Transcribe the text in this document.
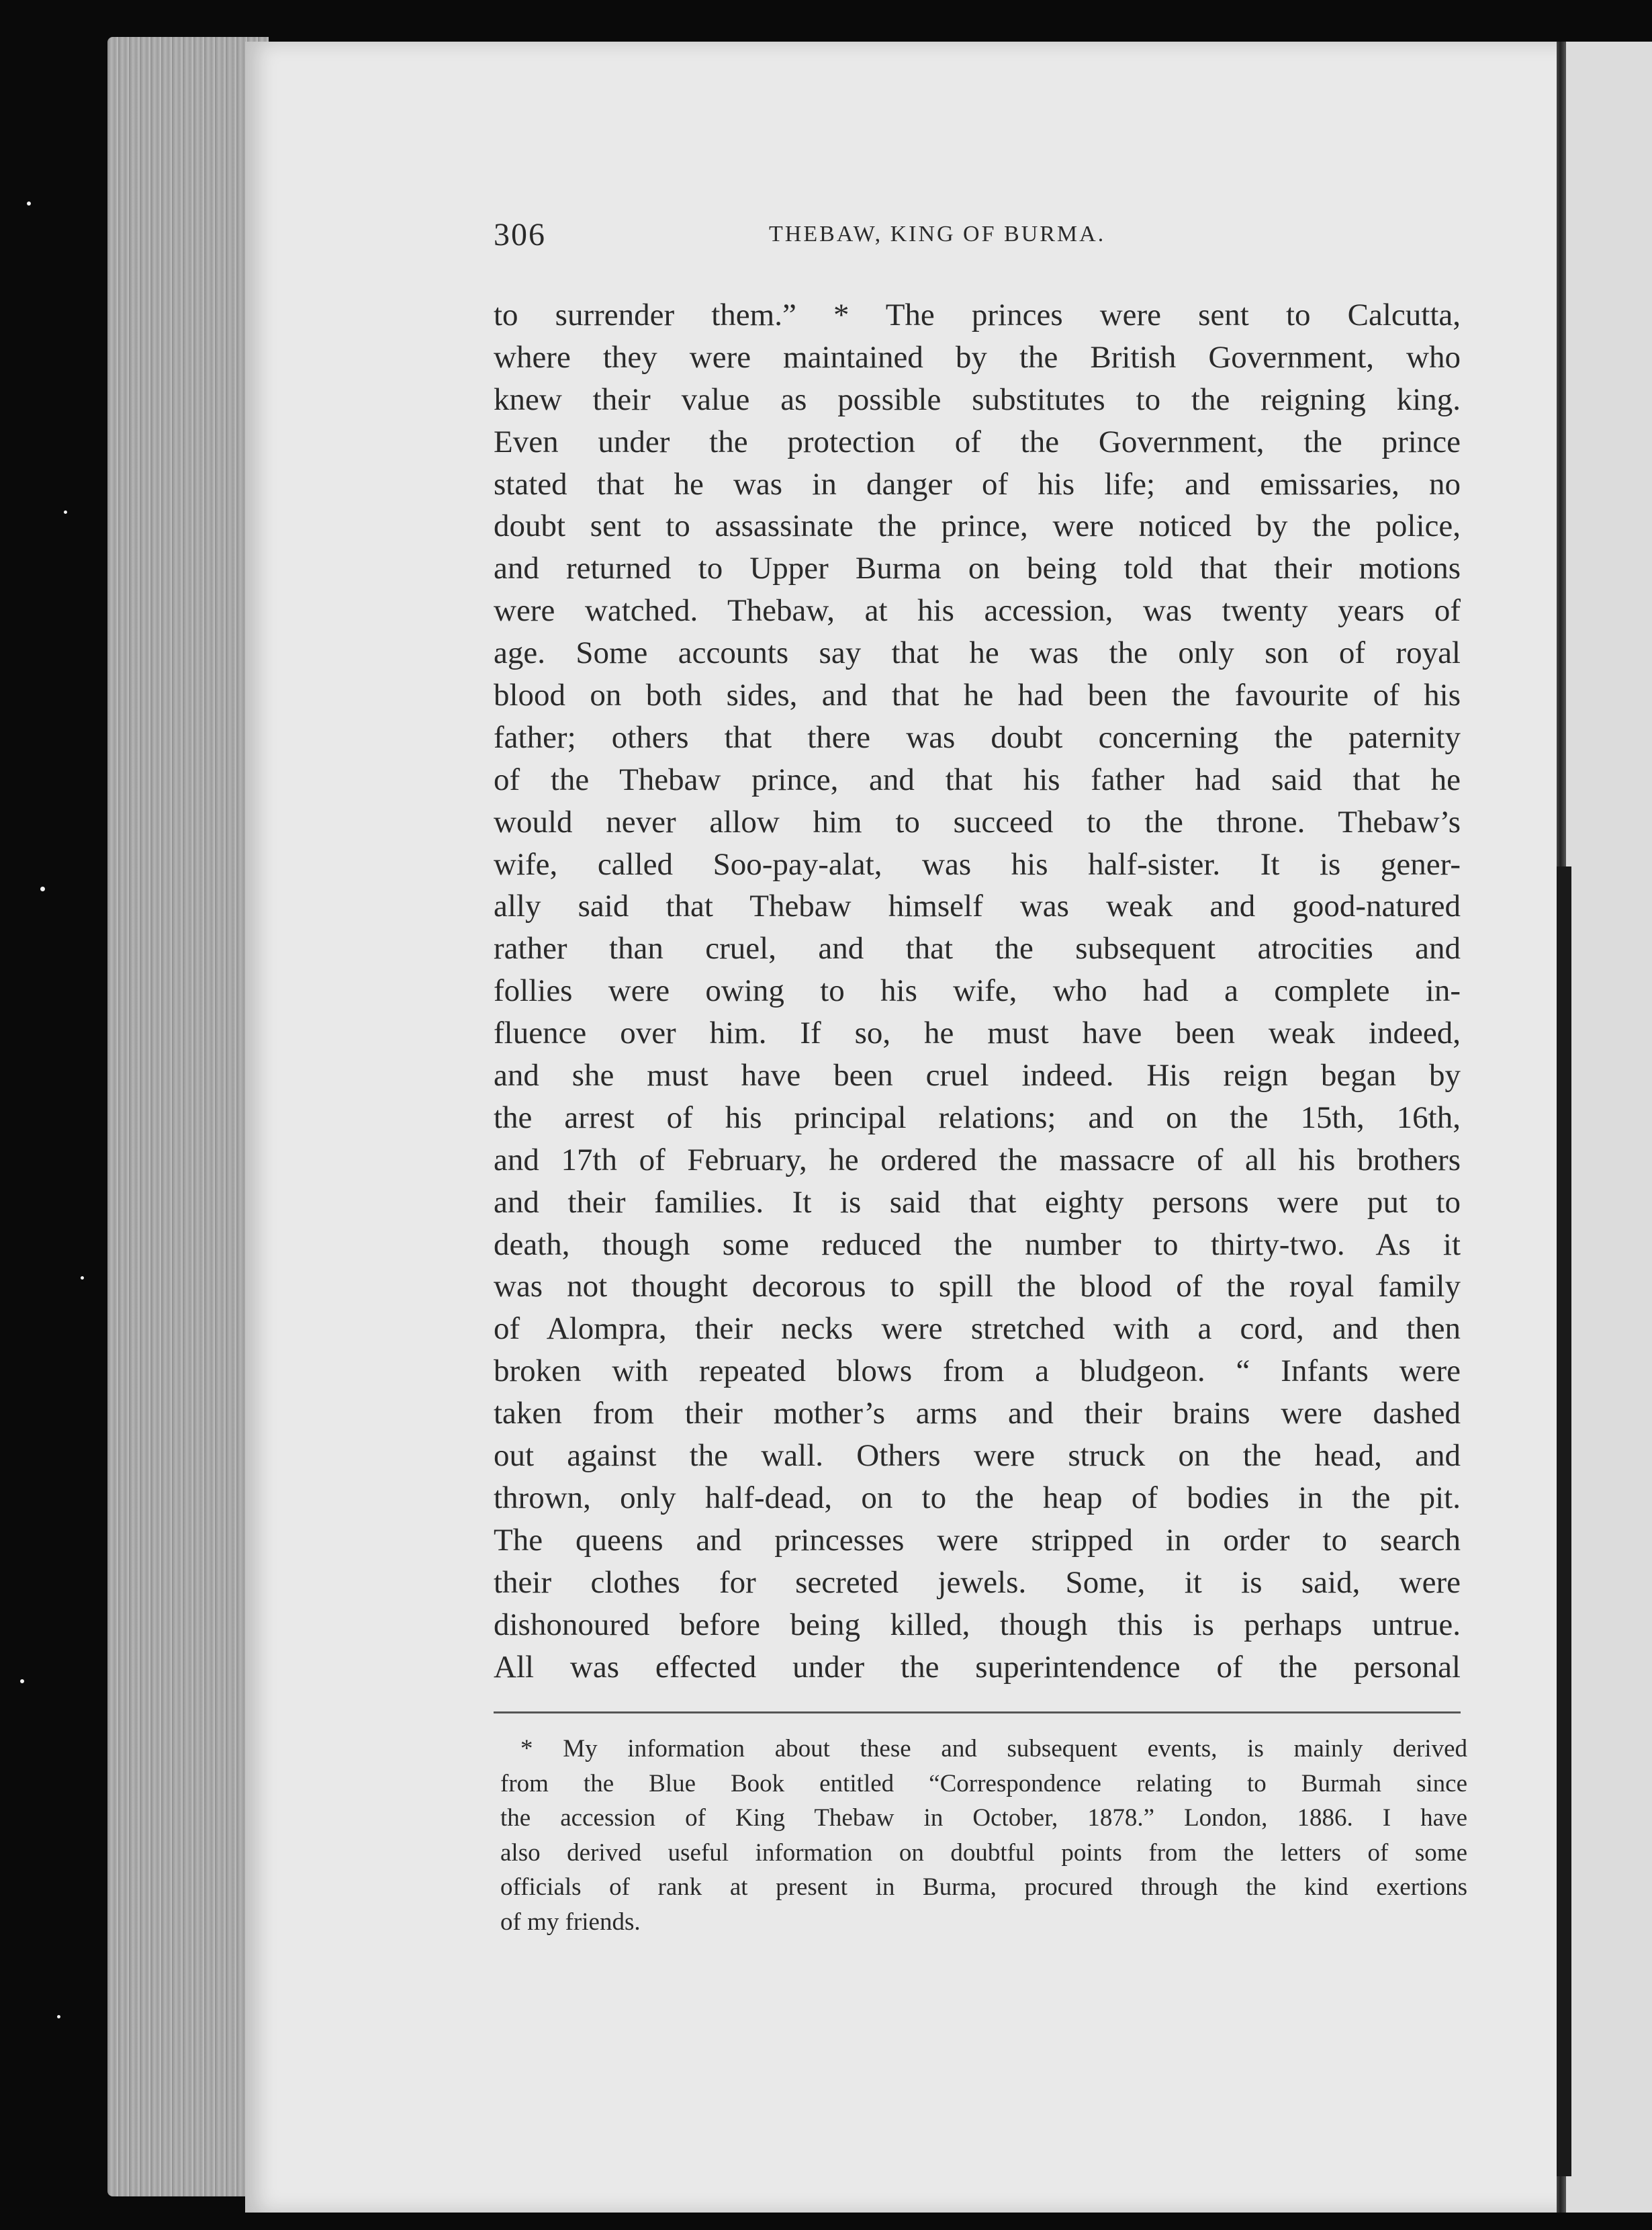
306	THEBAW, KING OF BURMA.
to surrender them.” * The princes were sent to Calcutta,
where they were maintained by the British Government, who
knew their value as possible substitutes to the reigning king.
Even under the protection of the Government, the prince
stated that he was in danger of his life; and emissaries, no
doubt sent to assassinate the prince, were noticed by the police,
and returned to Upper Burma on being told that their motions
were watched. Thebaw, at his accession, was twenty years of
age. Some accounts say that he was the only son of royal
blood on both sides, and that he had been the favourite of his
father; others that there was doubt concerning the paternity
of the Thebaw prince, and that his father had said that he
would never allow him to succeed to the throne. Thebaw’s
wife, called Soo-pay-alat, was his half-sister. It is gener-
ally said that Thebaw himself was weak and good-natured
rather than cruel, and that the subsequent atrocities and
follies were owing to his wife, who had a complete in-
fluence over him. If so, he must have been weak indeed,
and she must have been cruel indeed. His reign began by
the arrest of his principal relations; and on the 15th, 16th,
and 17th of February, he ordered the massacre of all his brothers
and their families. It is said that eighty persons were put to
death, though some reduced the number to thirty-two. As it
was not thought decorous to spill the blood of the royal family
of Alompra, their necks were stretched with a cord, and then
broken with repeated blows from a bludgeon. “ Infants were
taken from their mother’s arms and their brains were dashed
out against the wall. Others were struck on the head, and
thrown, only half-dead, on to the heap of bodies in the pit.
The queens and princesses were stripped in order to search
their clothes for secreted jewels. Some, it is said, were
dishonoured before being killed, though this is perhaps untrue.
All was effected under the superintendence of the personal
* My information about these and subsequent events, is mainly derived
from the Blue Book entitled “Correspondence relating to Burmah since
the accession of King Thebaw in October, 1878.” London, 1886. I have
also derived useful information on doubtful points from the letters of some
officials of rank at present in Burma, procured through the kind exertions
of my friends.
